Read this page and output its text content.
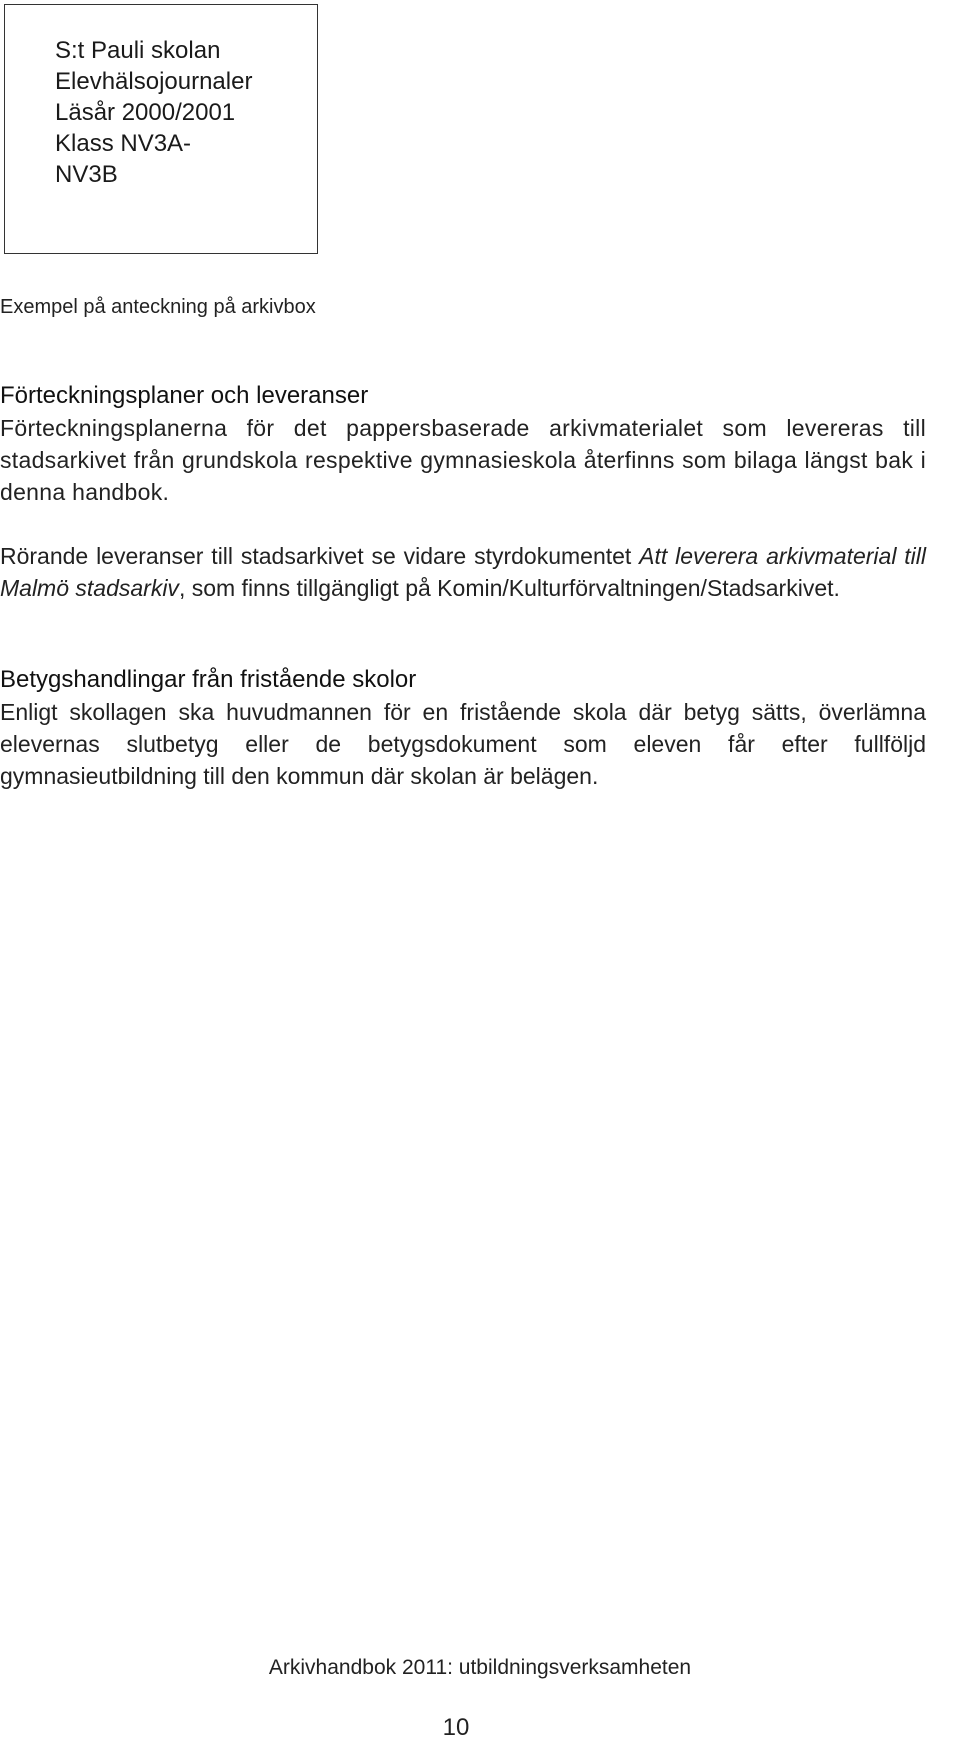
S:t Pauli skolan
Elevhälsojournaler
Läsår 2000/2001
Klass NV3A-
NV3B
Exempel på anteckning på arkivbox
Förteckningsplaner och leveranser

Förteckningsplanerna för det pappersbaserade arkivmaterialet som levereras till stadsarkivet från grundskola respektive gymnasieskola återfinns som bilaga längst bak i denna handbok.

Rörande leveranser till stadsarkivet se vidare styrdokumentet Att leverera arkivmaterial till Malmö stadsarkiv, som finns tillgängligt på Komin/Kulturförvaltningen/Stadsarkivet.

Betygshandlingar från fristående skolor

Enligt skollagen ska huvudmannen för en fristående skola där betyg sätts, överlämna elevernas slutbetyg eller de betygsdokument som eleven får efter fullföljd gymnasieutbildning till den kommun där skolan är belägen.

Arkivhandbok 2011: utbildningsverksamheten
10
